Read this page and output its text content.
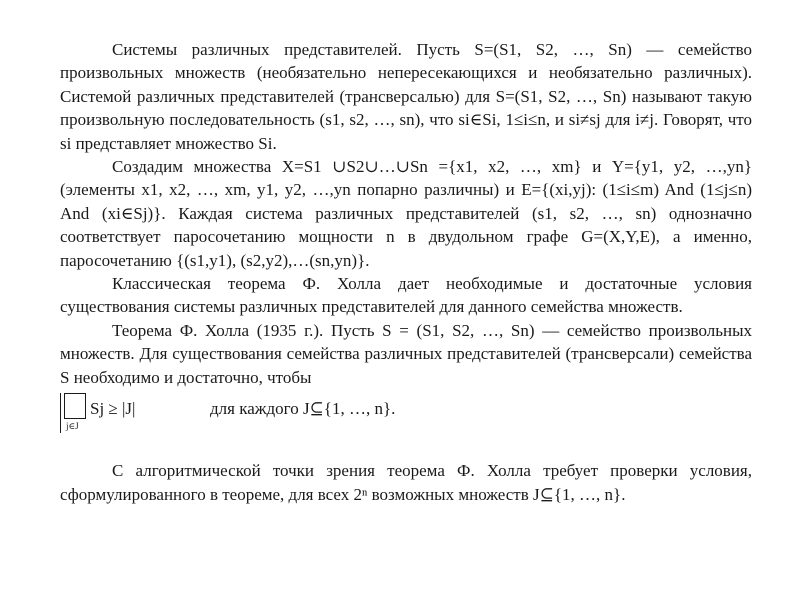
Системы различных представителей. Пусть S=(S1, S2, …, Sn) — семейство произвольных множеств (необязательно непересекающихся и необязательно различных). Системой различных представителей (трансверсалью) для S=(S1, S2, …, Sn) называют такую произвольную последовательность (s1, s2, …, sn), что si∈Si, 1≤i≤n, и si≠sj для i≠j. Говорят, что si представляет множество Si.

Создадим множества X=S1 ∪S2∪…∪Sn ={x1, x2, …, xm} и Y={y1, y2, …,yn} (элементы x1, x2, …, xm, y1, y2, …,yn попарно различны) и E={(xi,yj): (1≤i≤m) And (1≤j≤n) And (xi∈Sj)}. Каждая система различных представителей (s1, s2, …, sn) однозначно соответствует паросочетанию мощности n в двудольном графе G=(X,Y,E), а именно, паросочетанию {(s1,y1), (s2,y2),…(sn,yn)}.

Классическая теорема Ф. Холла дает необходимые и достаточные условия существования системы различных представителей для данного семейства множеств.

Теорема Ф. Холла (1935 г.). Пусть S = (S1, S2, …, Sn) — семейство произвольных множеств. Для существования семейства различных представителей (трансверсали) семейства S необходимо и достаточно, чтобы

j∈J
Sj ≥ |J|	для каждого J⊆{1, …, n}.

С алгоритмической точки зрения теорема Ф. Холла требует проверки условия, сформулированного в теореме, для всех 2ⁿ возможных множеств J⊆{1, …, n}.
